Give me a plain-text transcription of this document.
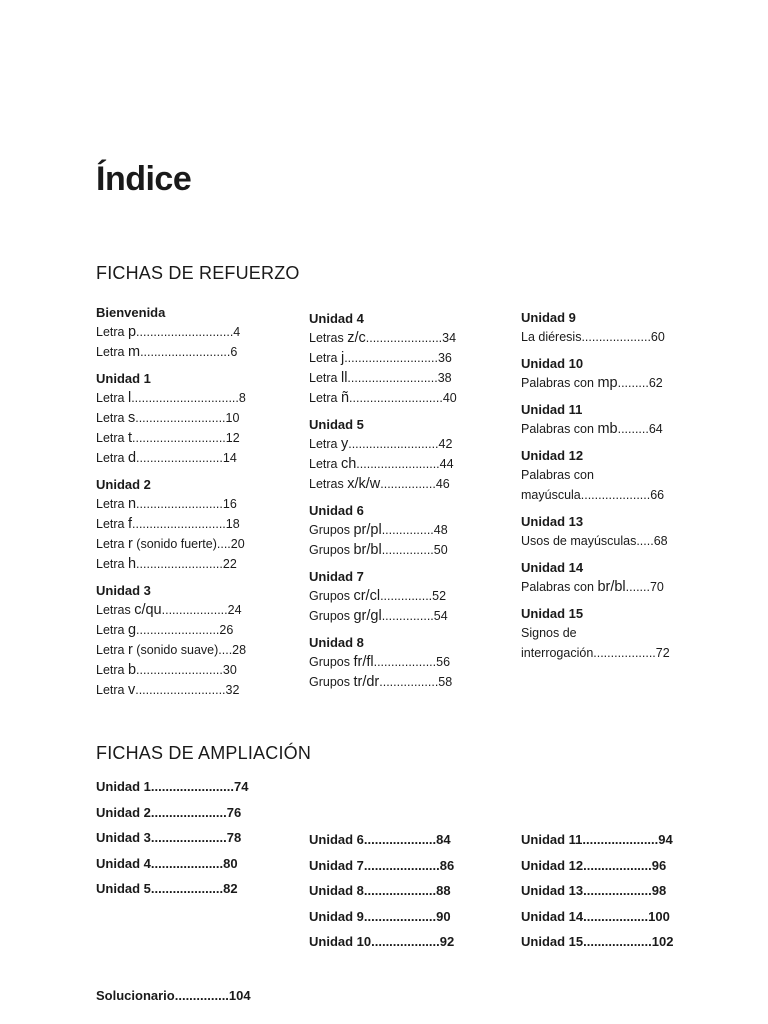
Índice
FICHAS DE REFUERZO
Bienvenida
Letra p............................4
Letra m..........................6
Unidad 1
Letra l...............................8
Letra s..........................10
Letra t...........................12
Letra d.........................14
Unidad 2
Letra n.........................16
Letra f...........................18
Letra r (sonido fuerte)....20
Letra h.........................22
Unidad 3
Letras c/qu...................24
Letra g........................26
Letra r (sonido suave)....28
Letra b.........................30
Letra v..........................32
Unidad 4
Letras z/c......................34
Letra j...........................36
Letra ll..........................38
Letra ñ...........................40
Unidad 5
Letra y..........................42
Letra ch........................44
Letras x/k/w................46
Unidad 6
Grupos pr/pl...............48
Grupos br/bl...............50
Unidad 7
Grupos cr/cl...............52
Grupos gr/gl...............54
Unidad 8
Grupos fr/fl..................56
Grupos tr/dr.................58
Unidad 9
La diéresis....................60
Unidad 10
Palabras con mp.........62
Unidad 11
Palabras con mb.........64
Unidad 12
Palabras con
mayúscula....................66
Unidad 13
Usos de mayúsculas.....68
Unidad 14
Palabras con br/bl.......70
Unidad 15
Signos de
interrogación..................72
FICHAS DE AMPLIACIÓN
Unidad 1.......................74
Unidad 2.....................76
Unidad 3.....................78
Unidad 4....................80
Unidad 5....................82
Unidad 6....................84
Unidad 7.....................86
Unidad 8....................88
Unidad 9....................90
Unidad 10...................92
Unidad 11.....................94
Unidad 12...................96
Unidad 13...................98
Unidad 14..................100
Unidad 15...................102
Solucionario...............104
